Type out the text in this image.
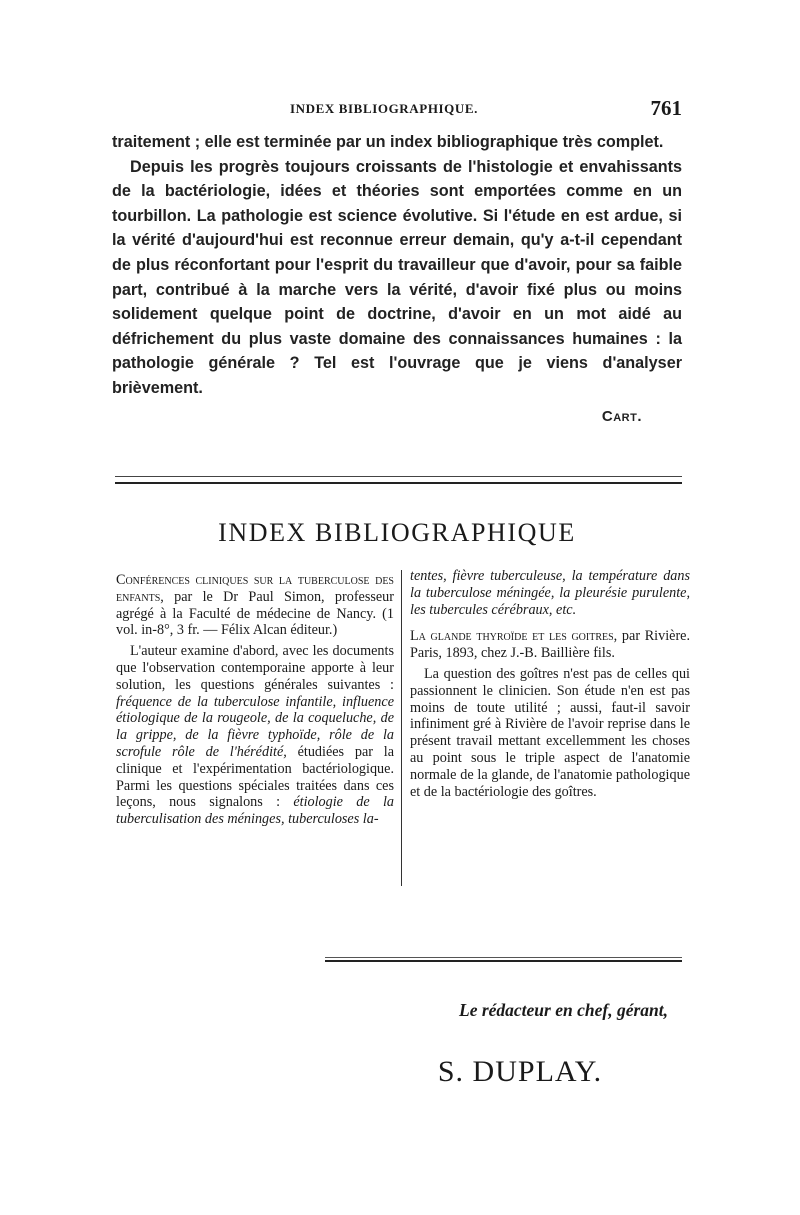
INDEX BIBLIOGRAPHIQUE.	761

traitement ; elle est terminée par un index bibliographique très complet.

Depuis les progrès toujours croissants de l'histologie et envahissants de la bactériologie, idées et théories sont emportées comme en un tourbillon. La pathologie est science évolutive. Si l'étude en est ardue, si la vérité d'aujourd'hui est reconnue erreur demain, qu'y a-t-il cependant de plus réconfortant pour l'esprit du travailleur que d'avoir, pour sa faible part, contribué à la marche vers la vérité, d'avoir fixé plus ou moins solidement quelque point de doctrine, d'avoir en un mot aidé au défrichement du plus vaste domaine des connaissances humaines : la pathologie générale ? Tel est l'ouvrage que je viens d'analyser brièvement.

Cart.
INDEX BIBLIOGRAPHIQUE

Conférences cliniques sur la tuberculose des enfants, par le Dr Paul Simon, professeur agrégé à la Faculté de médecine de Nancy. (1 vol. in-8°, 3 fr. — Félix Alcan éditeur.)

L'auteur examine d'abord, avec les documents que l'observation contemporaine apporte à leur solution, les questions générales suivantes : fréquence de la tuberculose infantile, influence étiologique de la rougeole, de la coqueluche, de la grippe, de la fièvre typhoïde, rôle de la scrofule rôle de l'hérédité, étudiées par la clinique et l'expérimentation bactériologique. Parmi les questions spéciales traitées dans ces leçons, nous signalons : étiologie de la tuberculisation des méninges, tuberculoses la-

tentes, fièvre tuberculeuse, la température dans la tuberculose méningée, la pleurésie purulente, les tubercules cérébraux, etc.

La glande thyroïde et les goitres, par Rivière. Paris, 1893, chez J.-B. Baillière fils.

La question des goîtres n'est pas de celles qui passionnent le clinicien. Son étude n'en est pas moins de toute utilité ; aussi, faut-il savoir infiniment gré à Rivière de l'avoir reprise dans le présent travail mettant excellemment les choses au point sous le triple aspect de l'anatomie normale de la glande, de l'anatomie pathologique et de la bactériologie des goîtres.

Le rédacteur en chef, gérant,
S. DUPLAY.
